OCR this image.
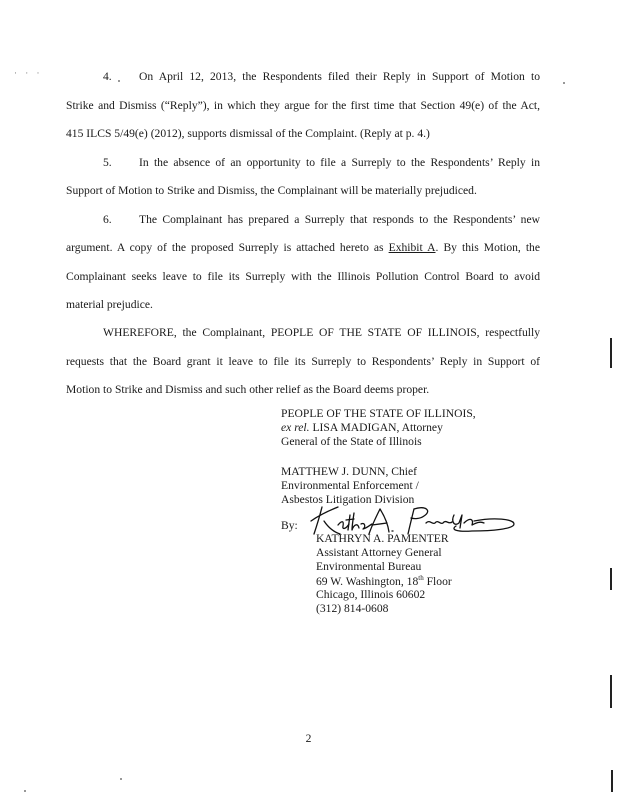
· · ·	4. On April 12, 2013, the Respondents filed their Reply in Support of Motion to
Strike and Dismiss (“Reply”), in which they argue for the first time that Section 49(e) of the Act,
415 ILCS 5/49(e) (2012), supports dismissal of the Complaint. (Reply at p. 4.)
5. In the absence of an opportunity to file a Surreply to the Respondents’ Reply in
Support of Motion to Strike and Dismiss, the Complainant will be materially prejudiced.
6. The Complainant has prepared a Surreply that responds to the Respondents’ new
argument. A copy of the proposed Surreply is attached hereto as Exhibit A. By this Motion, the
Complainant seeks leave to file its Surreply with the Illinois Pollution Control Board to avoid
material prejudice.
WHEREFORE, the Complainant, PEOPLE OF THE STATE OF ILLINOIS, respectfully
requests that the Board grant it leave to file its Surreply to Respondents’ Reply in Support of
Motion to Strike and Dismiss and such other relief as the Board deems proper.
PEOPLE OF THE STATE OF ILLINOIS,
ex rel. LISA MADIGAN, Attorney
General of the State of Illinois
MATTHEW J. DUNN, Chief
Environmental Enforcement /
Asbestos Litigation Division
By:
KATHRYN A. PAMENTER
Assistant Attorney General
Environmental Bureau
69 W. Washington, 18th Floor
Chicago, Illinois 60602
(312) 814-0608
2
